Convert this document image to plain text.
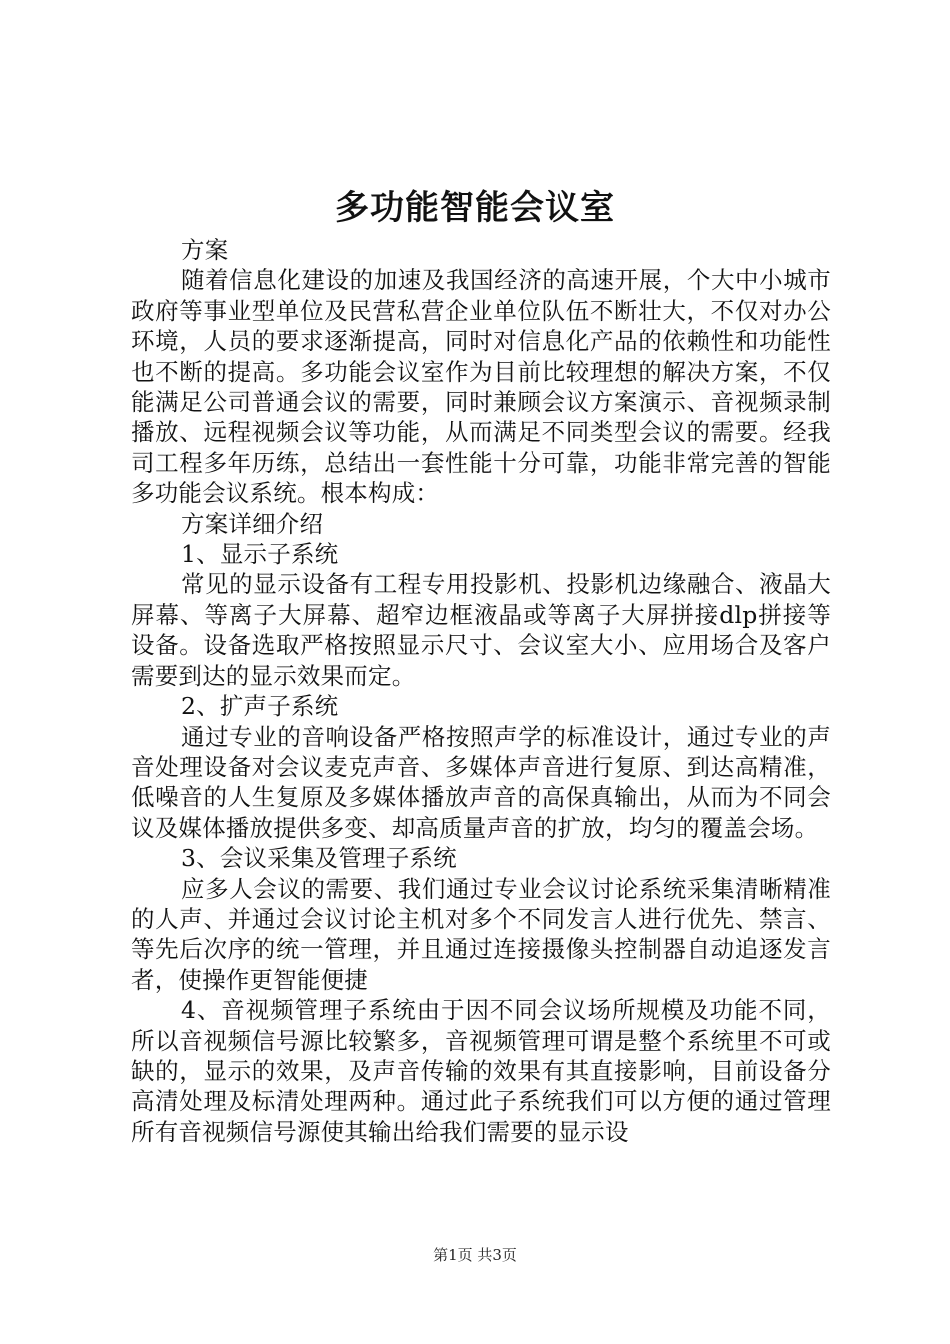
多功能智能会议室

方案

随着信息化建设的加速及我国经济的高速开展，个大中小城市政府等事业型单位及民营私营企业单位队伍不断壮大，不仅对办公环境，人员的要求逐渐提高，同时对信息化产品的依赖性和功能性也不断的提高。多功能会议室作为目前比较理想的解决方案，不仅能满足公司普通会议的需要，同时兼顾会议方案演示、音视频录制播放、远程视频会议等功能，从而满足不同类型会议的需要。经我司工程多年历练，总结出一套性能十分可靠，功能非常完善的智能多功能会议系统。根本构成：

方案详细介绍

1、显示子系统

常见的显示设备有工程专用投影机、投影机边缘融合、液晶大屏幕、等离子大屏幕、超窄边框液晶或等离子大屏拼接dlp拼接等设备。设备选取严格按照显示尺寸、会议室大小、应用场合及客户需要到达的显示效果而定。

2、扩声子系统

通过专业的音响设备严格按照声学的标准设计，通过专业的声音处理设备对会议麦克声音、多媒体声音进行复原、到达高精准，低噪音的人生复原及多媒体播放声音的高保真输出，从而为不同会议及媒体播放提供多变、却高质量声音的扩放，均匀的覆盖会场。

3、会议采集及管理子系统

应多人会议的需要、我们通过专业会议讨论系统采集清晰精准的人声、并通过会议讨论主机对多个不同发言人进行优先、禁言、等先后次序的统一管理，并且通过连接摄像头控制器自动追逐发言者，使操作更智能便捷

4、音视频管理子系统由于因不同会议场所规模及功能不同，所以音视频信号源比较繁多，音视频管理可谓是整个系统里不可或缺的，显示的效果，及声音传输的效果有其直接影响，目前设备分高清处理及标清处理两种。通过此子系统我们可以方便的通过管理所有音视频信号源使其输出给我们需要的显示设

第1页 共3页
